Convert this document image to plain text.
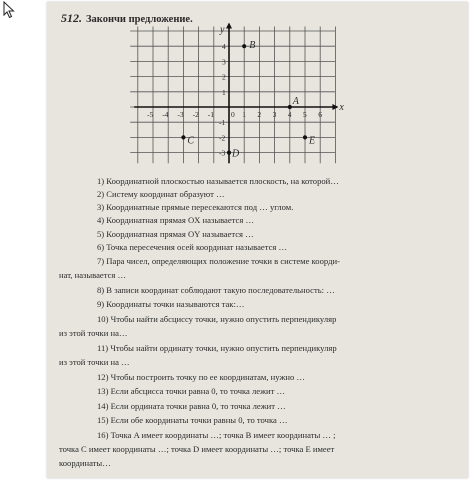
512. Закончи предложение.
x
y
-5 -4 -3 -2 -1	1 2 3 4 5 6
0
4
3
2
1
-1
-2
-3
A
B
C
D
E
1) Координатной плоскостью называется плоскость, на которой…
2) Систему координат образуют …
3) Координатные прямые пересекаются под … углом.
4) Координатная прямая OX называется …
5) Координатная прямая OY называется …
6) Точка пересечения осей координат называется …
7) Пара чисел, определяющих положение точки в системе коорди-
нат, называется …
8) В записи координат соблюдают такую последовательность: …
9) Координаты точки называются так:…
10) Чтобы найти абсциссу точки, нужно опустить перпендикуляр
из этой точки на…
11) Чтобы найти ординату точки, нужно опустить перпендикуляр
из этой точки на …
12) Чтобы построить точку по ее координатам, нужно …
13) Если абсцисса точки равна 0, то точка лежит …
14) Если ордината точки равна 0, то точка лежит …
15) Если обе координаты точки равны 0, то точка …
16) Точка A имеет координаты …; точка B имеет координаты … ;
точка C имеет координаты …; точка D имеет координаты …; точка E имеет
координаты…
